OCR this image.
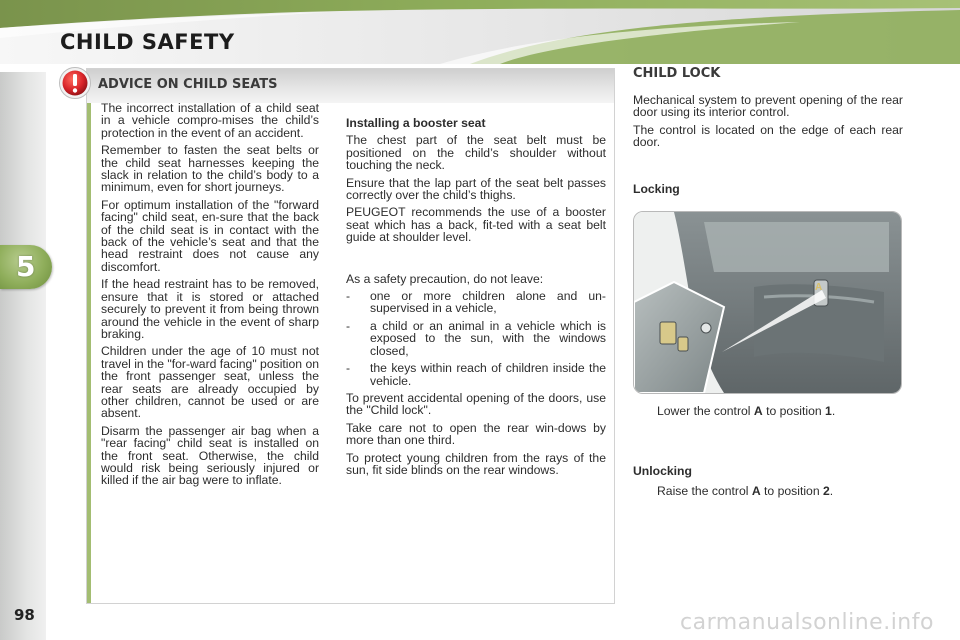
CHILD SAFETY
5
98
ADVICE ON CHILD SEATS

The incorrect installation of a child seat in a vehicle compro-mises the child’s protection in the event of an accident.

Remember to fasten the seat belts or the child seat harnesses keeping the slack in relation to the child’s body to a minimum, even for short journeys.

For optimum installation of the "forward facing" child seat, en-sure that the back of the child seat is in contact with the back of the vehicle’s seat and that the head restraint does not cause any discomfort.

If the head restraint has to be removed, ensure that it is stored or attached securely to prevent it from being thrown around the vehicle in the event of sharp braking.

Children under the age of 10 must not travel in the "for-ward facing" position on the front passenger seat, unless the rear seats are already occupied by other children, cannot be used or are absent.

Disarm the passenger air bag when a "rear facing" child seat is installed on the front seat. Otherwise, the child would risk being seriously injured or killed if the air bag were to inflate.

Installing a booster seat

The chest part of the seat belt must be positioned on the child’s shoulder without touching the neck.

Ensure that the lap part of the seat belt passes correctly over the child’s thighs.

PEUGEOT recommends the use of a booster seat which has a back, fit-ted with a seat belt guide at shoulder level.

As a safety precaution, do not leave:

- one or more children alone and un-supervised in a vehicle,
- a child or an animal in a vehicle which is exposed to the sun, with the windows closed,
- the keys within reach of children inside the vehicle.

To prevent accidental opening of the doors, use the "Child lock".

Take care not to open the rear win-dows by more than one third.

To protect young children from the rays of the sun, fit side blinds on the rear windows.

CHILD LOCK

Mechanical system to prevent opening of the rear door using its interior control.

The control is located on the edge of each rear door.

Locking
A
Lower the control A to position 1.
Unlocking
Raise the control A to position 2.
carmanualsonline.info
